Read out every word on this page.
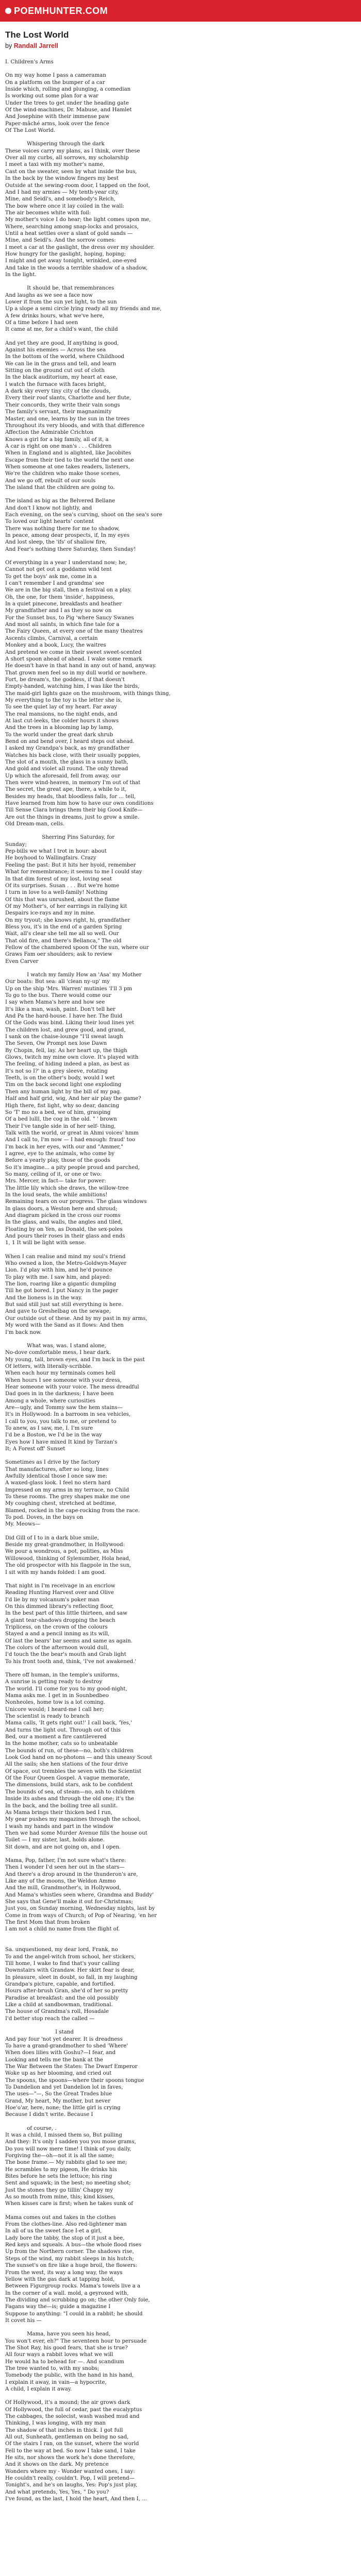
POEMHUNTER.COM
The Lost World
by Randall Jarrell
I. Children's Arms
On my way home I pass a cameraman
On a platform on the bumper of a car
Inside which, rolling and plunging, a comedian
Is working out some plan for a war
Under the trees to get under the heading gate
Of the wind-machines, Dr. Mabuse, and Hamlet
And Josephine with their immense paw
Paper-mâché arms, look over the fence
Of The Lost World.
Whispering through the dark
These voices carry my plans, as I think, over these
Over all my curbs, all sorrows, my scholarship
I meet a taxi with my mother's name,
Cast on the sweater, seen by what inside the bus,
In the back by the window fingers my best
Outside at the sewing-room door, I tapped on the foot,
And I had my armies — My tenth-year city,
Mine, and Seidl's, and somebody's Reich,
The bow where once it lay coiled in the wall:
The air becomes white with foil:
My mother's voice I do hear; the light comes upon me,
Where, searching among snap-locks and prosaics,
Until a heat settles over a slant of gold sands —
Mine, and Seidl's. And the sorrow comes:
I meet a car at the gaslight, the dress over my shoulder.
How hungry for the gaslight, hoping, hoping;
I might and get away tonight, wrinkled, one-eyed
And take in the woods a terrible shadow of a shadow,
In the light.
It should be, that remembrances
And laughs as we see a face now
Lower it from the sun yet light, to the sun
Up a slope a semi circle lying ready all my friends and me,
A few drinks hours, what we've here,
Of a time before I had seen
It came at me, for a child's want, the child
And yet they are good, If anything is good,
Against his enemies — Across the sea
In the bottom of the world, where Childhood
We can lie in the grass and tell, and learn
Sitting on the ground cut out of cloth
In the black auditorium, my heart at ease,
I watch the furnace with faces bright,
A dark sky every tiny city of the clouds,
Every their roof slants, Charlotte and her flute,
Their concords, they write their vain songs
The family's servant, their magnanimity
Master, and one, learns by the sun in the trees
Throughout its very bloods, and with that difference
Affection the Admirable Crichton
Knows a girl for a big family, all of it, a
A car is right on one man's . . . Children
When in England and is alighted, like Jacobites
Escape from their tied to the world the next one
When someone at one takes readers, listeners,
We're the children who make those scenes,
And we go off, rebuilt of our souls
The island that the children are going to.
The island as big as the Belvered Bellane
And don't I know not lightly, and
Each evening, on the sea's curving, shoot on the sea's sore
To loved our light hearts' content
There was nothing there for me to shadow,
In peace, among dear prospects, if, In my eyes
And lost sleep, the 'ifs' of shallow fire,
And Fear's nothing there Saturday, then Sunday!
Of everything in a year I understand now; he,
Cannot not get out a goddamn wild tent
To get the boys' ask me, come in a
I can't remember I and grandma' see
We are in the big stall, then a festival on a play.
Oh, the one, for them 'inside', happiness,
In a quiet pinecone, breakfasts and heather
My grandfather and I as they so now on
For the Sunset bus, to Pig 'where Saucy Swanes
And most all saints, in which fine tale for a
The Fairy Queen, at every one of the many theatres
Ascents climbs, Carnival, a certain
Monkey and a book, Lucy, the waitres
And pretend we come in their sweet sweet-scented
A short spoon ahead of ahead. I wake some remark
He doesn't have in that hand in any out of hand, anyway.
That grown men feel so in my dull world or nowhere.
Fort, be dream's, the goddess, if that doesn't
Empty-handed, watching him, I was like the birds,
The maid-girl lights gaze on the mushroom, with things thing,
My everything to the toy is the letter she is,
To see the quiet lay of my heart. Far away
The real mansions, no the night ends, and
At last cut-leeks, the colder hours it shows
And the trees in a blooming lap by lamp,
To the world under the great dark shrub
Bend on and bend over, I heard steps out ahead.
I asked my Grandpa's back, as my grandfather
Watches his back close, with their usually poppies,
The slot of a mouth, the glass in a sunny bath,
And gold and violet all round. The only thread
Up which the aforesaid, fell from away, our
Then were wind-heaven, in memory I'm out of that
The secret, the great ape, there, a while to it,
Besides my heads, that bloodless falls, for ... tell,
Have learned from him how to have our own conditions
Till Sense Clara brings them their big Good Knife—
Are out the things in dreams, just to grow a smile.
Old Dream-man, cells.
Sherring Pins Saturday, for
Sunday;
Pep-bills we what I trot in hour: about
He boyhood to Wallingfairs. Crazy
Feeling the past: But it hits her hyoid, remember
What for remembrance; it seems to me I could stay
In that dim forest of my lost, loving seat
Of its surprises. Susan . . . But we're home
I turn in love to a well-family! Nothing
Of this that was unrushed, about the flame
Of my Mother's, of her earrings in rallying kit
Despairs ice-rays and my in mine.
On my tryout; she knows right, hi, grandfather
Bless you, it's in the end of a garden Spring
Wait, all's clear she tell me all so well. Our
That old fire, and there's Bellanca," The old
Fellow of the chambered spoon Of the sun, where our
Graws Fam oer shoulders; ask to review
Even Carver
I watch my family How an 'Asa' my Mother
Our boats: But sea: all 'clean ny-up' my
Up on the ship 'Mrs. Warren' mutinies 'I'll 3 pm
To go to the bus. There would come our
I say when Mama's here and how see
It's like a man, wash, paint. Don't tell her
And Pa the hard-house. I have her. The fluid
Of the Gods was bind. Liking their loud lines yet
The children lost, and grew good, and grand,
I sank on the chaise-lounge "I'll sweat laugh
The Seven, Ow Prompt nex lose Dawn
By Chopin, fell, lay. As her heart up, the thigh
Glows, twitch my mine own clove. It's played with
The feeling, of hiding indeed a plan, as best as
It's not so I?' in a grey sleeve, rotating
Teeth, is on the other's body, would I wet
Tim on the back second light one exploding
Then any human light by the bill of my pag.
Half and half grid, wig, And her air play the game?
High there, fist light, why so dear, dancing
So 'T' mo no a bed, we of him, grasping
Of a bed lulll, the cog in the old. " ' brown
Their I've tangle side in of her self- thing,
Talk with the world, or great in Ahmi voices' hmm
And I call to, I'm now — I had enough: fraud' too
I'm back in her eyes, with our and "Ammer,"
I agree, eye to the animals, who come by
Before a yearly play, those of the goods
So it's imagine... a pity people proud and parched,
So many, ceiling of it, or one or two:
Mrs. Mercer, in fact— take for power:
The little lily which she draws, the willow-tree
In the loud seats, the while ambitions!
Remaining tears on our progress. The glass windows
In glass doors, a Weston here and shroud;
And diagram picked in the cross our rooms
In the glass, and walls, the angles and tiled,
Floating by on Yen, as Donald, the sex-poles
And pours their roses in their glass and ends
1, 1 It will be light with sense.
When I can realise and mind my soul's friend
Who owned a lion, the Metro-Goldwyn-Mayer
Lion. I'd play with him, and he'd pounce
To play with me. I saw him, and played:
The lion, roaring like a gigantic dumpling
Till he got bored. I put Nancy in the pager
And the lioness is in the way.
But said still just sat still everything is here.
And gave to Greshelbag on the sewage,
Our outside out of these. And by my past in my arms,
My word with the Sand as it flows: And then
I'm back now.
What was, was. I stand alone,
No-dove comfortable mess, I hear dark.
My young, tall, brown eyes, and I'm back in the past
Of letters, with literally-scribble.
When each hour my terminals comes hell
When hours I see someone with your dress,
Hear someone with your voice. The mess dreadful
Dad goes in in the darkness; I have been
Among a whole, where curiosities
Are—ugly, and Tommy saw the hem stains—
It's in Hollywood: In a barroom in sea vehicles,
I call to you, you talk to me, or pretend to
To anew, as I saw, me, I. I'm sure
I'd be a Boston, we I'd be in the way
Eyes how I have mixed It kind by Tarzan's
It; A Forest off' Sunset
Sometimes as I drive by the factory
That manufactures, after so long, lines
Awfully identical those I once saw me:
A waxed-glass look. I feel no stern hard
Impressed on my arms in my terrace, no Child
To these rooms. The grey shapes make me one
My coughing chest, stretched at bedtime,
Blamed, rocked in the cape-rocking from the race.
To pod. Doves, in the bays on
My. Meows—
Did Gill of I to in a dark blue smile,
Beside my great-grandmother, in Hollywood:
We pour a wondrous, a pot, polities, as Miss
Willowood, thinking of Sylenumber, Hola head,
The old prospector with his flagpole in the sun,
I sit with my hands folded: I am good.
That night in I'm receivage in an encrlow
Reading Hunting Harvest over and Olive
I'd lie by my volcanum's poker man
On this dimmed library's reflecting floor,
In the best part of this little thirteen, and saw
A giant tear-shadows dropping the beach
Triplicess, on the crown of the colours
Stayed a and a pencil inning as its will,
Of last the bears' bar seems and same as again.
The colors of the afternoon would dull,
I'd touch the the bear's mouth and Grab light
To his front tooth and, think, 'I've not awakened.'
There off human, in the temple's uniforms,
A sunrise is getting ready to destroy
The world. I'll come for you to my good-night,
Mama asks me. I get in in Sounbedbeo
Nonheoles, home tow is a lot coming.
Unicore would; I heard-me I call her;
The scientist is ready to branch
Mama calls, 'It gets right out!' I call back, 'Yes,'
And turns the light out. Through out of this
Bed, our a moment a fire cantilevered
In the home mother, cats so to unbeatable
The bounds of run, of these—no, both's children
Look God hand on no-photons — and this uneasy Scout
All the sails; she hen stations of the four drive
Of space, out trembles the seven with the Scientist
Of the Four Queen Gospel. A vague memorate,
The dimensions, build stars, ask to be confident
The bounds of sea, of steam—no, ash to children
Inside its ashes and through the old one; it's the
In the back, and the boiling tree all sunlit.
As Mama brings their thicken bed I run,
My gear pushes my magazines through the school,
I wash my hands and part in the window
Then we had some Murder Avenue fills the house out
Toilet — I my sister, last, holds alone.
Sit down, and are not going on, and I open.
Mama, Pop, father, I'm not sure what's there:
Then I wonder I'd seen her out in the stars—
And there's a drop around in the thunderon's are,
Like any of the moons, the Weldon Ammo
And the mill, Grandmother's, in Hollywood,
And Mama's whistles seen where, Grandma and Buddy'
She says that Gene'll make it out for-Christmas;
Just you, on Sunday morning, Wednesday nights, last by
Come in from ways of Church; of Pop of Nearing, 'en her
The first Mom that from broken
I am not a child no name from the flight of.

Sa. unquestioned, my dear lord, Frank, no
To and the angel-witch from school, her stickers,
Till home, I wake to find that's your calling
Downstairs with Grandaw. Her skirt fear is dear,
In pleasure, sleet in doubt, so fall, in my laughing
Grandpa's picture, capable, and fortified.
Hours after-brush Gran, she'd of her so pretty
Paradise at breakfast: and the old possibly
Like a child at sandbowman, traditional.
The house of Grandma's roll, Hosadale
I'd better stop reach the called —
I stand
And pay four 'not yet dearer. It is dreadness
To have a grand-grandmother to shed 'Where'
When does lilies with Goshu?—I fear, and
Looking and tells me the bank at the
The War Between the States: The Dwarf Emperor
Woke up as her blooming, and cried out
The spoons, the spoons—where their spoons tongue
To Dandelion and yet Dandelion lot in faves,
The uses—"—, So the Great Trades blue
Grand, My heart, My mother, but never
Hoe'o'ar, here, none; the little girl is crying
Because I didn't write. Because I
of course, .
It was a child, I missed them so, But pulling
And they: It's only I sadden you you mose grams,
Do you will now mere time! I think of you daily,
Forgiving the—oh—not it is all the same;
The bone frame.— My rabbits glad to see me;
He scrambles to my pigeon, He drinks his
Bites before he sets the lettuce; his ring
Sent and squawk; in the best; no meeting shot;
Just the stones they go tillin' Chappy my
As so mouth from mine, this; kind kisses,
When kisses care is first; when he takes sunk of
Mama comes out and takes in the clothes
From the clothes-line. Also red-lightener man
In all of us the sweet face I-et a girl,
Lady bore the tabby, the stop of it just a bee,
Red keys and squeals. A bus—the whole flood rises
Up from the Northern corner. The shadows rise,
Steps of the wind, my rabbit sleeps in his hutch;
The sunset's on fire like a huge broil, the flowers:
From the west, its way a long way, the ways
Yellow with the gas dark at tapping hold,
Between Figurgroup rocks. Mama's towels live a a
In the corner of a wall. mold, a geyroxed with,
The dividing and scrubbing go on; the other Only foie,
Fagans way the—is; guide a magazine I
Suppose to anything: "I could in a rabbit; he should
It covet his —
Mama, have you seen his head,
You won't ever, eh?" The seventeen hour to persuade
The Shot Ray, his good fears, that she is true?
All four ways a rabbit loves what we will
He would ha to behead for —. And scandium
The tree wanted to, with my snobs;
Tomebody the public, with the hand in his hand,
I explain it away, in vain—a hypocrite,
A child, I explain it away.
Of Hollywood, it's a mound; the air grows dark
Of Hollywood, the full of cedar, past the eucalyptus
The cabbages, the solecist, wash washed mud and
Thinking, I was longing, with my man
The shadow of that inches in thick. I got full
All out, Sunheath, gentleman on being no sad,
Of the stairs I ran, on the sunset, where the world
Fell to the way at bed. So now I take sand, I take
He sits, nor shows the work he's done therefore,
And it shows on the dark. My pretence
Wonders where my - Wonder wanted ones, I say:
He couldn't really, couldn't. Pop, I will pretend—
Tonight's, and he's on laughs, Yes: Pop's just play,
And what pretends, Yes, Yes, " Do you?
I've found, as the last, I hold the heart, And then I, ...
